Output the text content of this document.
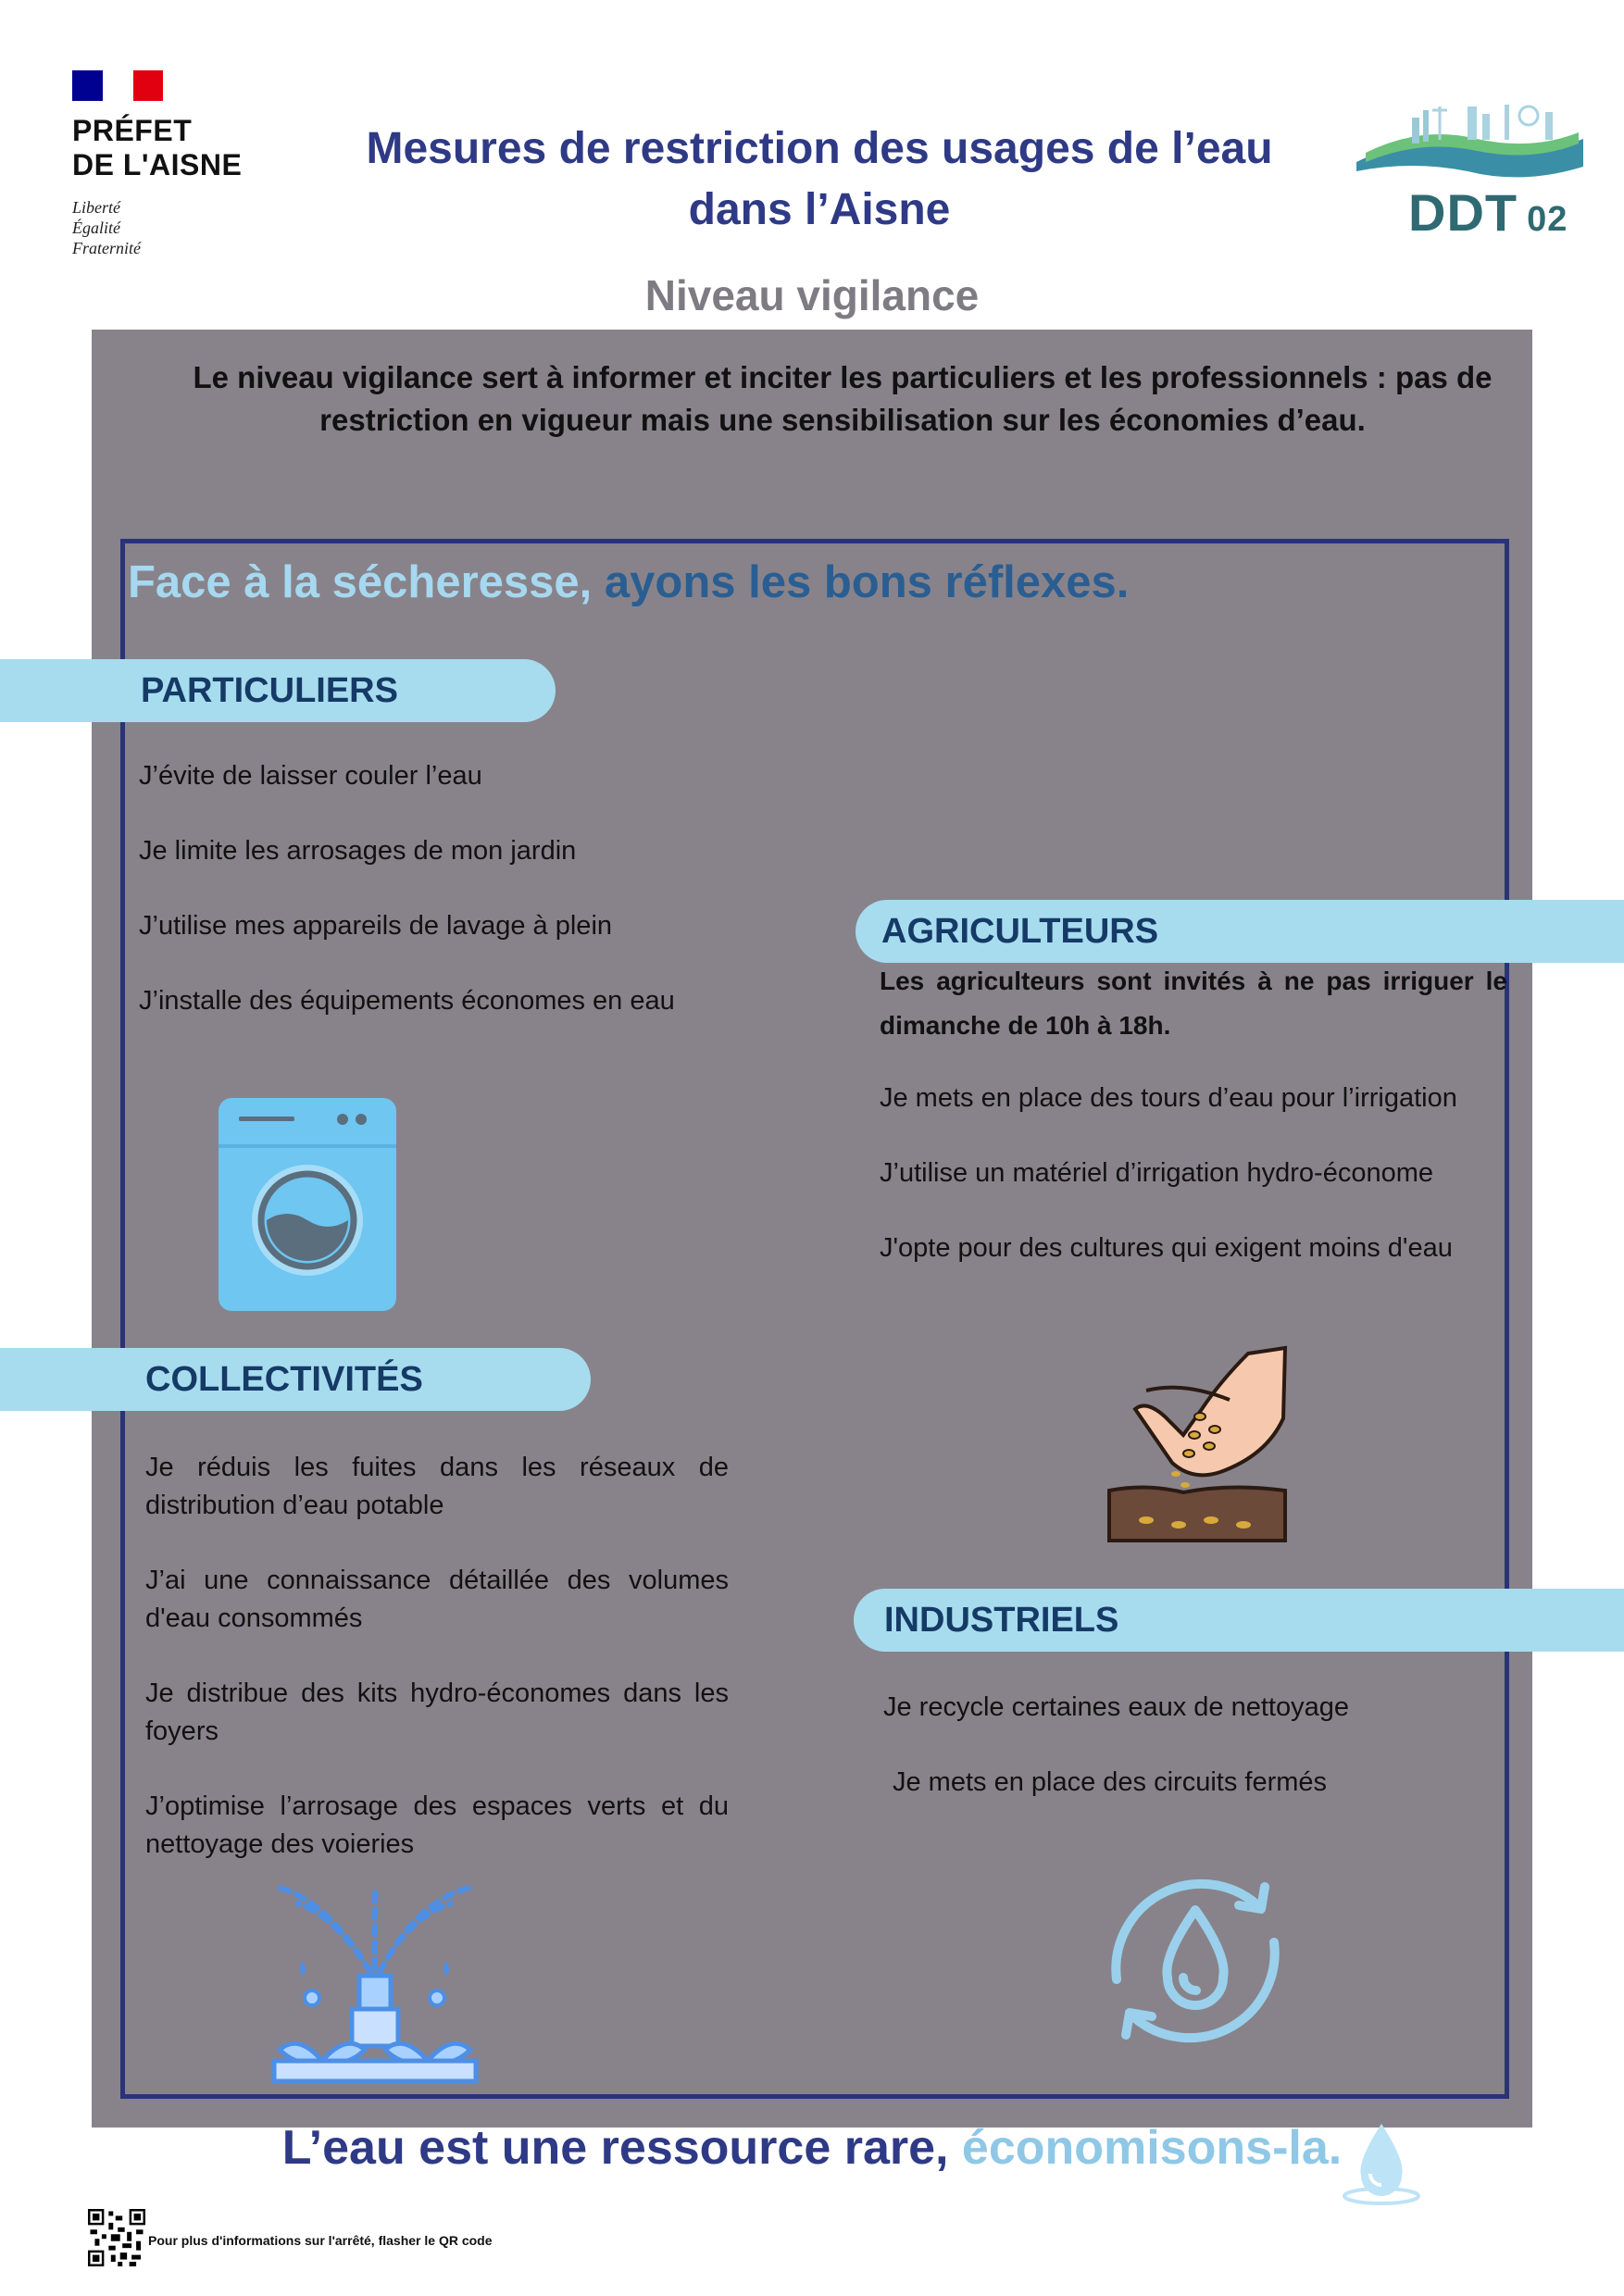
PRÉFET
DE L'AISNE
Liberté
Égalité
Fraternité
Mesures de restriction des usages de l’eau
dans l’Aisne	DDT 02
Niveau vigilance
Le niveau vigilance sert à informer et inciter les particuliers et les professionnels : pas de restriction en vigueur mais une sensibilisation sur les économies d’eau.
Face à la sécheresse, ayons les bons réflexes.
PARTICULIERS
J’évite de laisser couler l’eau
Je limite les arrosages de mon jardin
J’utilise mes appareils de lavage à plein
J’installe des équipements économes en eau
AGRICULTEURS
Les agriculteurs sont invités à ne pas irriguer le dimanche de 10h à 18h.
Je mets en place des tours d’eau pour l’irrigation
J’utilise un matériel d’irrigation hydro-économe
J'opte pour des cultures qui exigent moins d'eau
COLLECTIVITÉS
Je réduis les fuites dans les réseaux de distribution d’eau potable
J’ai une connaissance détaillée des volumes d'eau consommés
Je distribue des kits hydro-économes dans les foyers
J’optimise l’arrosage des espaces verts et du nettoyage des voieries
INDUSTRIELS
Je recycle certaines eaux de nettoyage
Je mets en place des circuits fermés
L’eau est une ressource rare, économisons-la.
Pour plus d'informations sur l'arrêté, flasher le QR code
